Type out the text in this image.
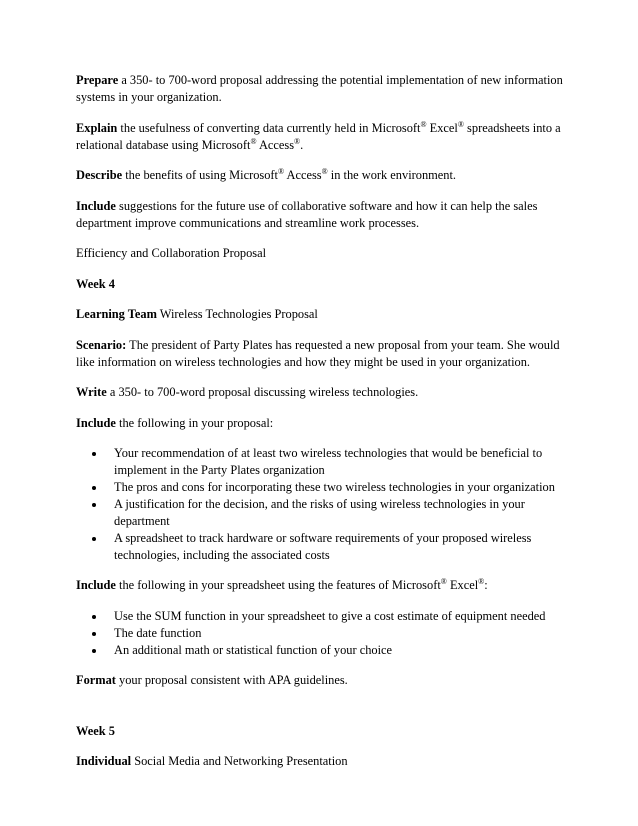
Prepare a 350- to 700-word proposal addressing the potential implementation of new information systems in your organization.

Explain the usefulness of converting data currently held in Microsoft® Excel® spreadsheets into a relational database using Microsoft® Access®.

Describe the benefits of using Microsoft® Access® in the work environment.

Include suggestions for the future use of collaborative software and how it can help the sales department improve communications and streamline work processes.

Efficiency and Collaboration Proposal

Week 4

Learning Team Wireless Technologies Proposal

Scenario: The president of Party Plates has requested a new proposal from your team. She would like information on wireless technologies and how they might be used in your organization.

Write a 350- to 700-word proposal discussing wireless technologies.

Include the following in your proposal:

Your recommendation of at least two wireless technologies that would be beneficial to implement in the Party Plates organization
The pros and cons for incorporating these two wireless technologies in your organization
A justification for the decision, and the risks of using wireless technologies in your department
A spreadsheet to track hardware or software requirements of your proposed wireless technologies, including the associated costs

Include the following in your spreadsheet using the features of Microsoft® Excel®:

Use the SUM function in your spreadsheet to give a cost estimate of equipment needed
The date function
An additional math or statistical function of your choice

Format your proposal consistent with APA guidelines.

Week 5

Individual Social Media and Networking Presentation
